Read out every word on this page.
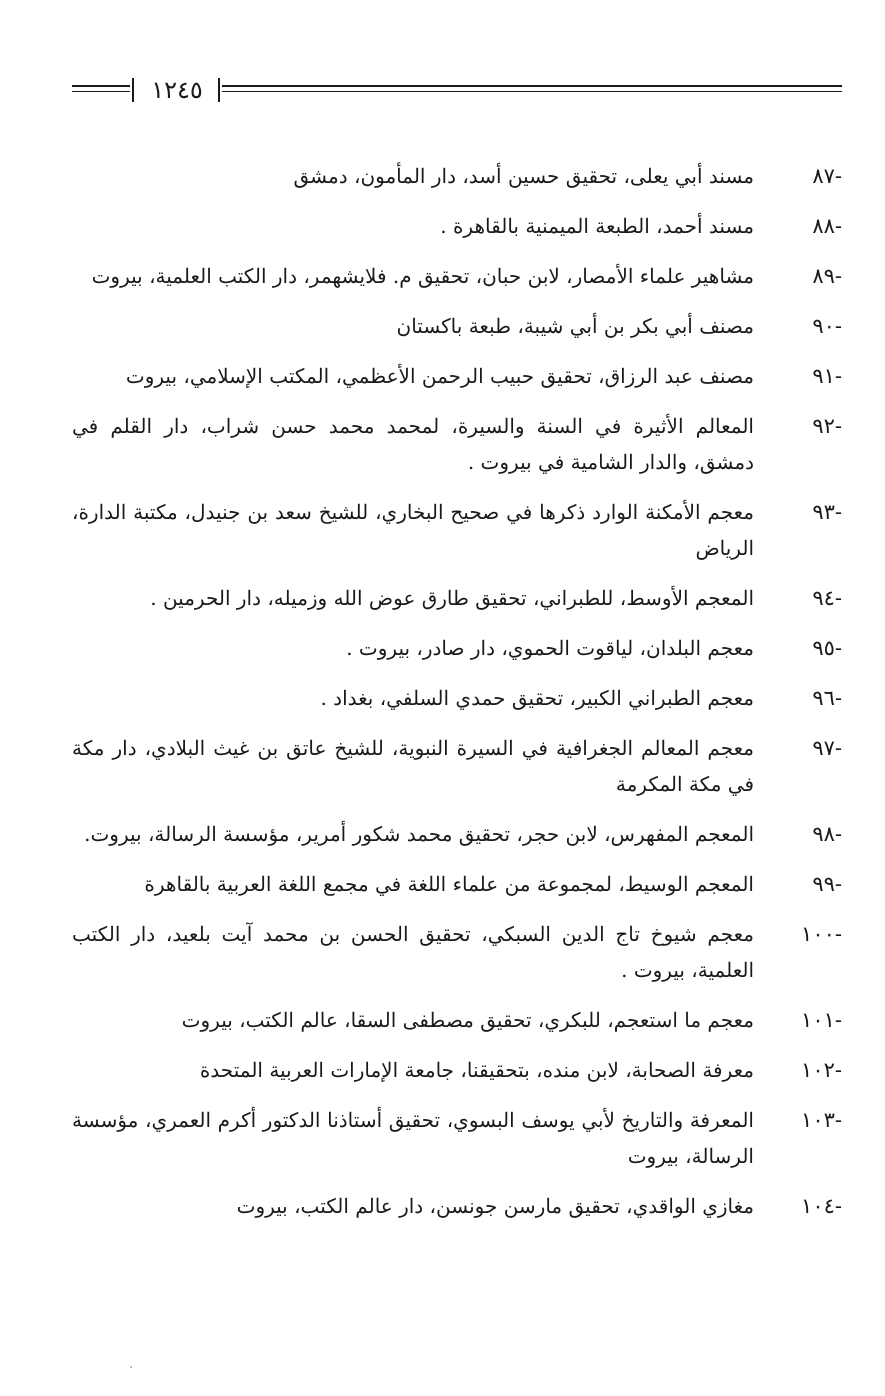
١٢٤٥
-٨٧
مسند أبي يعلى، تحقيق حسين أسد، دار المأمون، دمشق
-٨٨
مسند أحمد، الطبعة الميمنية بالقاهرة .
-٨٩
مشاهير علماء الأمصار، لابن حبان، تحقيق م. فلايشهمر، دار الكتب العلمية، بيروت
-٩٠
مصنف أبي بكر بن أبي شيبة، طبعة باكستان
-٩١
مصنف عبد الرزاق، تحقيق حبيب الرحمن الأعظمي، المكتب الإسلامي، بيروت
-٩٢
المعالم الأثيرة في السنة والسيرة، لمحمد محمد حسن شراب، دار القلم في دمشق، والدار الشامية في بيروت .
-٩٣
معجم الأمكنة الوارد ذكرها في صحيح البخاري، للشيخ سعد بن جنيدل، مكتبة الدارة، الرياض
-٩٤
المعجم الأوسط، للطبراني، تحقيق طارق عوض الله وزميله، دار الحرمين .
-٩٥
معجم البلدان، لياقوت الحموي، دار صادر، بيروت .
-٩٦
معجم الطبراني الكبير، تحقيق حمدي السلفي، بغداد .
-٩٧
معجم المعالم الجغرافية في السيرة النبوية، للشيخ عاتق بن غيث البلادي، دار مكة في مكة المكرمة
-٩٨
المعجم المفهرس، لابن حجر، تحقيق محمد شكور أمرير، مؤسسة الرسالة، بيروت.
-٩٩
المعجم الوسيط، لمجموعة من علماء اللغة في مجمع اللغة العربية بالقاهرة
-١٠٠
معجم شيوخ تاج الدين السبكي، تحقيق الحسن بن محمد آيت بلعيد، دار الكتب العلمية، بيروت .
-١٠١
معجم ما استعجم، للبكري، تحقيق مصطفى السقا، عالم الكتب، بيروت
-١٠٢
معرفة الصحابة، لابن منده، بتحقيقنا، جامعة الإمارات العربية المتحدة
-١٠٣
المعرفة والتاريخ لأبي يوسف البسوي، تحقيق أستاذنا الدكتور أكرم العمري، مؤسسة الرسالة، بيروت
-١٠٤
مغازي الواقدي، تحقيق مارسن جونسن، دار عالم الكتب، بيروت
